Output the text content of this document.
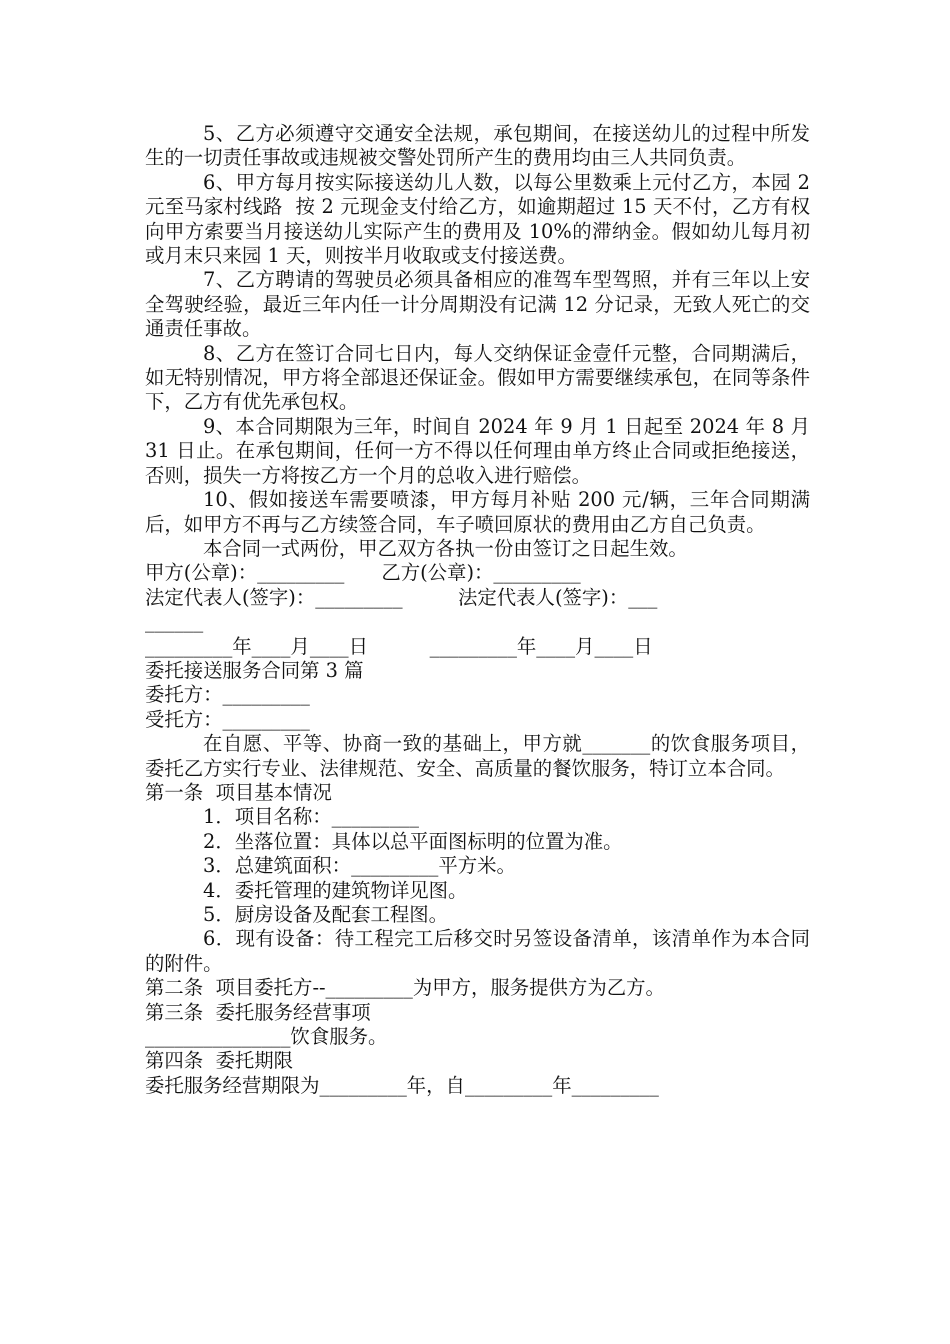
5、乙方必须遵守交通安全法规，承包期间，在接送幼儿的过程中所发生的一切责任事故或违规被交警处罚所产生的费用均由三人共同负责。

6、甲方每月按实际接送幼儿人数，以每公里数乘上元付乙方，本园 2 元至马家村线路  按 2 元现金支付给乙方，如逾期超过 15 天不付，乙方有权向甲方索要当月接送幼儿实际产生的费用及 10%的滞纳金。假如幼儿每月初或月末只来园 1 天，则按半月收取或支付接送费。

7、乙方聘请的驾驶员必须具备相应的准驾车型驾照，并有三年以上安全驾驶经验，最近三年内任一计分周期没有记满 12 分记录，无致人死亡的交通责任事故。

8、乙方在签订合同七日内，每人交纳保证金壹仟元整，合同期满后，如无特别情况，甲方将全部退还保证金。假如甲方需要继续承包，在同等条件下，乙方有优先承包权。

9、本合同期限为三年，时间自 2024 年 9 月 1 日起至 2024 年 8 月 31 日止。在承包期间，任何一方不得以任何理由单方终止合同或拒绝接送，否则，损失一方将按乙方一个月的总收入进行赔偿。

10、假如接送车需要喷漆，甲方每月补贴 200 元/辆，三年合同期满后，如甲方不再与乙方续签合同，车子喷回原状的费用由乙方自己负责。

本合同一式两份，甲乙双方各执一份由签订之日起生效。

甲方(公章)：_________      乙方(公章)：_________

法定代表人(签字)：_________         法定代表人(签字)：___

______

_________年____月____日          _________年____月____日

委托接送服务合同第 3 篇

委托方：_________

受托方：_________

在自愿、平等、协商一致的基础上，甲方就_______的饮食服务项目，委托乙方实行专业、法律规范、安全、高质量的餐饮服务，特订立本合同。

第一条  项目基本情况

1．项目名称：_________

2．坐落位置：具体以总平面图标明的位置为准。

3．总建筑面积：_________平方米。

4．委托管理的建筑物详见图。

5．厨房设备及配套工程图。

6．现有设备：待工程完工后移交时另签设备清单，该清单作为本合同的附件。

第二条  项目委托方--_________为甲方，服务提供方为乙方。

第三条  委托服务经营事项

_______________饮食服务。

第四条  委托期限

委托服务经营期限为_________年，自_________年_________
